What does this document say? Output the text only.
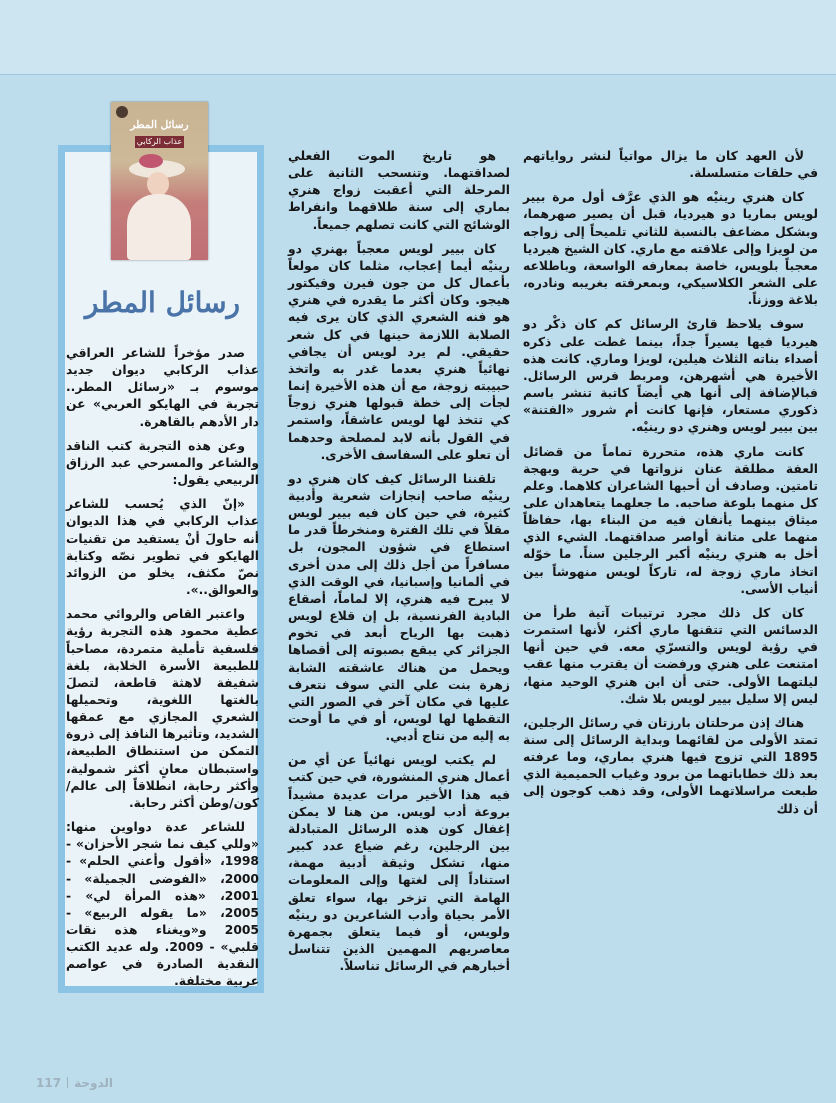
لأن العهد كان ما يزال مواتياً لنشر رواياتهم في حلقات متسلسلة.

كان هنري رينيْه هو الذي عرَّف أول مرة بيير لويس بماريا دو هيرديا، قبل أن يصير صهرهما، وبشكل مضاعف بالنسبة للثاني تلميحاً إلى زواجه من لويزا وإلى علاقته مع ماري. كان الشيخ هيرديا معجباً بلويس، خاصة بمعارفه الواسعة، وباطلاعه على الشعر الكلاسيكي، وبمعرفته بغريبه ونادره، بلاغة ووزناً.

سوف يلاحظ قارئ الرسائل كم كان ذكْر دو هيرديا فيها يسيراً جداً، بينما غطت على ذكره أصداء بناته الثلاث هيلين، لويزا وماري. كانت هذه الأخيرة هي أشهرهن، ومربط فرس الرسائل. فبالإضافة إلى أنها هي أيضاً كاتبة تنشر باسم ذكوري مستعار، فإنها كانت أم شرور «الفتنة» بين بيير لويس وهنري دو رينيْه.

كانت ماري هذه، متحررة تماماً من قضائل العفة مطلقة عنان نزواتها في حرية وبهجة تامتين. وصادف أن أحبها الشاعران كلاهما. وعلم كل منهما بلوعة صاحبه. ما جعلهما يتعاهدان على ميثاق بينهما يأنفان فيه من البناء بها، حفاظاً منهما على متانة أواصر صداقتهما. الشيء الذي أخل به هنري رينيْه أكبر الرجلين سناً. ما خوّله اتخاذ ماري زوجة له، تاركاً لويس منهوشاً بين أنياب الأسى.

كان كل ذلك مجرد ترتيبات آتية طرأ من الدسائس التي تتقنها ماري أكثر، لأنها استمرت في رؤية لويس والتسرّي معه. في حين أنها امتنعت على هنري ورفضت أن يقترب منها عقب ليلتهما الأولى. حتى أن ابن هنري الوحيد منها، ليس إلا سليل بيير لويس بلا شك.

هناك إذن مرحلتان بارزتان في رسائل الرجلين، تمتد الأولى من لقائهما وبداية الرسائل إلى سنة 1895 التي تزوج فيها هنري بماري، وما عرفته بعد ذلك خطاباتهما من برود وغياب الحميمية الذي طبعت مراسلاتهما الأولى، وقد ذهب كوجون إلى أن ذلك

هو تاريخ الموت الفعلي لصداقتهما. وتنسحب الثانية على المرحلة التي أعقبت زواج هنري بماري إلى سنة طلاقهما وانفراط الوشائج التي كانت تصلهم جميعاً.

كان بيير لويس معجباً بهنري دو رينيْه أيما إعجاب، مثلما كان مولعاً بأعمال كل من جون فيرن وفيكتور هيجو. وكان أكثر ما يقدره في هنري هو فنه الشعري الذي كان يرى فيه الصلابة اللازمة حينها في كل شعر حقيقي. لم يرد لويس أن يجافي نهائياً هنري بعدما غدر به واتخذ حبيبته زوجة، مع أن هذه الأخيرة إنما لجأت إلى خطة قبولها هنري زوجاً كي تتخذ لها لويس عاشقاً، واستمر في القول بأنه لابد لمصلحة وحدهما أن تعلو على السفاسف الأخرى.

تلقننا الرسائل كيف كان هنري دو رينيْه صاحب إنجازات شعرية وأدبية كثيرة، في حين كان فيه بيير لويس مقلاً في تلك الفترة ومنخرطاً قدر ما استطاع في شؤون المجون، بل مسافراً من أجل ذلك إلى مدن أخرى في ألمانيا وإسبانيا، في الوقت الذي لا يبرح فيه هنري، إلا لماماً، أصقاع البادية الفرنسية، بل إن قلاع لويس ذهبت بها الرياح أبعد في تخوم الجزائر كي يبقع بصبوته إلى أقصاها ويحمل من هناك عاشقته الشابة زهرة بنت علي التي سوف نتعرف عليها في مكان آخر في الصور التي التقطها لها لويس، أو في ما أوحت به إليه من نتاج أدبي.

لم يكتب لويس نهائياً عن أي من أعمال هنري المنشورة، في حين كتب فيه هذا الأخير مرات عديدة مشيداً بروعة أدب لويس. من هنا لا يمكن إغفال كون هذه الرسائل المتبادلة بين الرجلين، رغم ضياع عدد كبير منها، تشكل وثيقة أدبية مهمة، استناداً إلى لغتها وإلى المعلومات الهامة التي تزخر بها، سواء تعلق الأمر بحياة وأدب الشاعرين دو رينيْه ولويس، أو فيما يتعلق بجمهرة معاصريهم المهمين الذين تتناسل أخبارهم في الرسائل تناسلاً.

رسائل المطر
عذاب الركابي
رسائل المطر

صدر مؤخراً للشاعر العراقي عذاب الركابي ديوان جديد موسوم بـ «رسائل المطر.. تجربة في الهايكو العربي» عن دار الأدهم بالقاهرة.

وعن هذه التجربة كتب الناقد والشاعر والمسرحي عبد الرزاق الربيعي يقول:

«إنّ الذي يُحسب للشاعر عذاب الركابي في هذا الديوان أنه حاولَ أنْ يستفيد من تقنيات الهايكو في تطوير نصّه وكتابة نصّ مكثف، يخلو من الزوائد والعوالق..».

واعتبر القاص والروائي محمد عطية محمود هذه التجربة رؤية فلسفية تأملية متمردة، مصاحباً للطبيعة الأسرة الخلابة، بلغة شفيفة لاهثة قاطعة، لتصلَ بالغتها اللغوية، وتحميلها الشعري المجازي مع عمقها الشديد، وتأثيرها النافذ إلى ذروة التمكن من استنطاق الطبيعة، واستبطان معانٍ أكثر شمولية، وأكثر رحابة، انطلاقاً إلى عالم/ كون/وطن أكثر رحابة.

للشاعر عدة دواوين منها: «وللي كيف نما شجر الأحزان» - 1998، «أقول وأعني الحلم» - 2000، «الفوضى الجميلة» - 2001، «هذه المرأة لي» - 2005، «ما يقوله الربيع» - 2005 و«ويغناء هذه نقات قلبي» - 2009. وله عديد الكتب النقدية الصادرة في عواصم عربية مختلفة.

117 الدوحة
